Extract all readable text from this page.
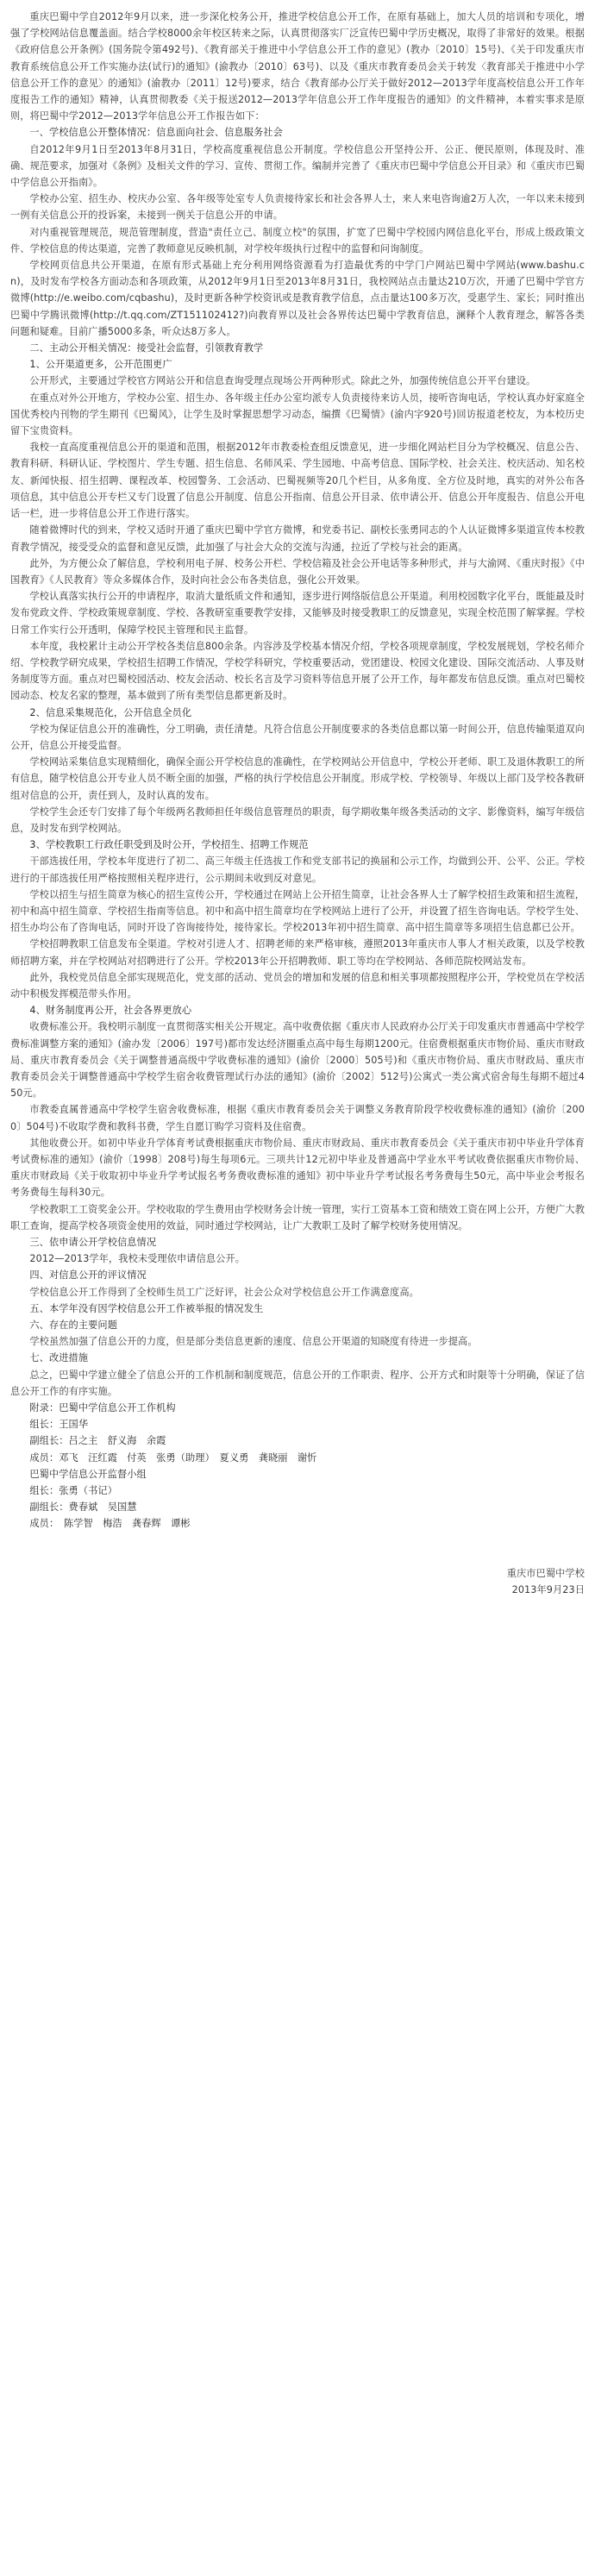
重庆巴蜀中学自2012年9月以来，进一步深化校务公开，推进学校信息公开工作，在原有基础上，加大人员的培训和专项化，增强了学校网站信息覆盖面。结合学校8000余年校区转来之际，认真贯彻落实厂泛宣传巴蜀中学历史概况，取得了非常好的效果。根据《政府信息公开条例》(国务院令第492号)、《教育部关于推进中小学信息公开工作的意见》(教办〔2010〕15号)、《关于印发重庆市教育系统信息公开工作实施办法(试行)的通知》(渝教办〔2010〕63号)、以及《重庆市教育委员会关于转发〈教育部关于推进中小学信息公开工作的意见〉的通知》(渝教办〔2011〕12号)要求，结合《教育部办公厅关于做好2012—2013学年度高校信息公开工作年度报告工作的通知》精神，认真贯彻教委《关于报送2012—2013学年信息公开工作年度报告的通知》的文件精神，本着实事求是原则，将巴蜀中学2012—2013学年信息公开工作报告如下：

一、学校信息公开整体情况：信息面向社会、信息服务社会

自2012年9月1日至2013年8月31日，学校高度重视信息公开制度。学校信息公开坚持公开、公正、便民原则，体现及时、准确、规范要求，加强对《条例》及相关文件的学习、宣传、贯彻工作。编制并完善了《重庆市巴蜀中学信息公开目录》和《重庆市巴蜀中学信息公开指南》。

学校办公室、招生办、校庆办公室、各年级等处室专人负责接待家长和社会各界人士，来人来电咨询逾2万人次，一年以来未接到一例有关信息公开的投诉案，未接到一例关于信息公开的申请。

对内重视管理规范，规范管理制度，营造"责任立己、制度立校"的氛围，扩宽了巴蜀中学校园内网信息化平台，形成上级政策文件、学校信息的传达渠道，完善了教师意见反映机制，对学校年级执行过程中的监督和问询制度。

学校网页信息共公开渠道，在原有形式基础上充分利用网络资源看为打造最优秀的中学门户网站巴蜀中学网站(www.bashu.cn)，及时发布学校各方面动态和各项政策，从2012年9月1日至2013年8月31日，我校网站点击量达210万次，开通了巴蜀中学官方微博(http://e.weibo.com/cqbashu)，及时更新各种学校资讯或是教育教学信息，点击量达100多万次，受惠学生、家长；同时推出巴蜀中学腾讯微博(http://t.qq.com/ZT151102412?)向教育界以及社会各界传达巴蜀中学教育信息，澜释个人教育理念，解答各类问题和疑难。目前广播5000多条，听众达8万多人。

二、主动公开相关情况：接受社会监督，引领教育教学

1、公开渠道更多，公开范围更广

公开形式，主要通过学校官方网站公开和信息查询受理点现场公开两种形式。除此之外，加强传统信息公开平台建设。

在重点对外公开地方，学校办公室、招生办、各年级主任办公室均派专人负责接待来访人员，接听咨询电话，学校认真办好家庭全国优秀校内刊物的学生期刊《巴蜀风》，让学生及时掌握思想学习动态，编撰《巴蜀情》(渝内字920号)回访报道老校友，为本校历史留下宝贵资料。

我校一直高度重视信息公开的渠道和范围，根据2012年市教委检查组反馈意见，进一步细化网站栏目分为学校概况、信息公告、教育科研、科研认证、学校图片、学生专题、招生信息、名师风采、学生园地、中高考信息、国际学校、社会关注、校庆活动、知名校友、新闻快报、招生招聘、课程改革、校园警务、工会活动、巴蜀视频等20几个栏目，从多角度、全方位及时地，真实的对外公布各项信息，其中信息公开专栏又专门设置了信息公开制度、信息公开指南、信息公开目录、依申请公开、信息公开年度报告、信息公开电话一栏，进一步将信息公开工作进行落实。

随着微博时代的到来，学校又适时开通了重庆巴蜀中学官方微博，和党委书记、副校长张勇同志的个人认证微博多渠道宣传本校教育教学情况，接受受众的监督和意见反馈，此加强了与社会大众的交流与沟通，拉近了学校与社会的距离。

此外，为方便公众了解信息，学校利用电子屏、校务公开栏、学校信箱及社会公开电话等多种形式，并与大渝网、《重庆时报》《中国教育》《人民教育》等众多媒体合作，及时向社会公布各类信息，强化公开效果。

学校认真落实执行公开的申请程序，取消大量纸质文件和通知，逐步进行网络版信息公开渠道。利用校园数字化平台，既能最及时发布党政文件、学校政策规章制度、学校、各教研室重要教学安排，又能够及时接受教职工的反馈意见，实现全校范围了解掌握。学校日常工作实行公开透明，保障学校民主管理和民主监督。

本年度，我校累计主动公开学校各类信息800余条。内容涉及学校基本情况介绍，学校各项规章制度，学校发展规划，学校名师介绍、学校教学研究成果，学校招生招聘工作情况，学校学科研究，学校重要活动，党团建设、校园文化建设、国际交流活动、人事及财务制度等方面。重点对巴蜀校园活动、校友会活动、校长名言及学习资料等信息开展了公开工作，每年都发布信息反馈。重点对巴蜀校园动态、校友名家的整理，基本做到了所有类型信息都更新及时。

2、信息采集规范化，公开信息全员化

学校为保证信息公开的准确性，分工明确，责任清楚。凡符合信息公开制度要求的各类信息都以第一时间公开，信息传输渠道双向公开，信息公开接受监督。

学校网站采集信息实现精细化，确保全面公开学校信息的准确性，在学校网站公开信息中，学校公开老师、职工及退休教职工的所有信息，随学校信息公开专业人员不断全面的加强，严格的执行学校信息公开制度。形成学校、学校领导、年级以上部门及学校各教研组对信息的公开，责任到人，及时认真的发布。

学校学生会还专门安排了每个年级两名教师担任年级信息管理员的职责，每学期收集年级各类活动的文字、影像资料，编写年级信息，及时发布到学校网站。

3、学校教职工行政任职受到及时公开，学校招生、招聘工作规范

干部选拔任用，学校本年度进行了初二、高三年级主任选拔工作和党支部书记的换届和公示工作，均做到公开、公平、公正。学校进行的干部选拔任用严格按照相关程序进行，公示期间未收到反对意见。

学校以招生与招生简章为核心的招生宣传公开，学校通过在网站上公开招生简章，让社会各界人士了解学校招生政策和招生流程，初中和高中招生简章、学校招生指南等信息。初中和高中招生简章均在学校网站上进行了公开，并设置了招生咨询电话。学校学生处、招生办均公布了咨询电话，同时开设了咨询接待处，接待家长。学校2013年初中招生简章、高中招生简章等多项招生信息都已公开。

学校招聘教职工信息发布全渠道。学校对引进人才、招聘老师的来严格审核，遵照2013年重庆市人事人才相关政策，以及学校教师招聘方案，并在学校网站对招聘进行了公开。学校2013年公开招聘教师、职工等均在学校网站、各师范院校网站发布。

此外，我校党员信息全部实现规范化，党支部的活动、党员会的增加和发展的信息和相关事项都按照程序公开，学校党员在学校活动中积极发挥模范带头作用。

4、财务制度再公开，社会各界更放心

收费标准公开。我校明示制度一直贯彻落实相关公开规定。高中收费依据《重庆市人民政府办公厅关于印发重庆市普通高中学校学费标准调整方案的通知》(渝办发〔2006〕197号)都市发达经济圈重点高中每生每期1200元。住宿费根据重庆市物价局、重庆市财政局、重庆市教育委员会《关于调整普通高级中学收费标准的通知》(渝价〔2000〕505号)和《重庆市物价局、重庆市财政局、重庆市教育委员会关于调整普通高中学校学生宿舍收费管理试行办法的通知》(渝价〔2002〕512号)公寓式一类公寓式宿舍每生每期不超过450元。

市教委直属普通高中学校学生宿舍收费标准，根据《重庆市教育委员会关于调整义务教育阶段学校收费标准的通知》(渝价〔2000〕504号)不收取学费和教科书费，学生自愿订购学习资料及住宿费。

其他收费公开。如初中毕业升学体育考试费根据重庆市物价局、重庆市财政局、重庆市教育委员会《关于重庆市初中毕业升学体育考试费标准的通知》(渝价〔1998〕208号)每生每项6元。三项共计12元初中毕业及普通高中学业水平考试收费依据重庆市物价局、重庆市财政局《关于收取初中毕业升学考试报名考务费收费标准的通知》初中毕业升学考试报名考务费每生50元，高中毕业会考报名考务费每生每科30元。

学校教职工工资奖金公开。学校收取的学生费用由学校财务会计统一管理，实行工资基本工资和绩效工资在网上公开，方便广大教职工查询，提高学校各项资金使用的效益，同时通过学校网站，让广大教职工及时了解学校财务使用情况。

三、依申请公开学校信息情况

2012—2013学年，我校未受理依申请信息公开。

四、对信息公开的评议情况

学校信息公开工作得到了全校师生员工广泛好评，社会公众对学校信息公开工作满意度高。

五、本学年没有因学校信息公开工作被举报的情况发生

六、存在的主要问题

学校虽然加强了信息公开的力度，但是部分类信息更新的速度、信息公开渠道的知晓度有待进一步提高。

七、改进措施

总之，巴蜀中学建立健全了信息公开的工作机制和制度规范，信息公开的工作职责、程序、公开方式和时限等十分明确，保证了信息公开工作的有序实施。

附录：巴蜀中学信息公开工作机构

组长：王国华

副组长：吕之主　舒义海　余霞

成员：邓飞　汪红霞　付英　张勇（助理）　夏义勇　龚晓丽　谢忻

巴蜀中学信息公开监督小组

组长：张勇（书记）

副组长：费春斌　吴国慧

成员：　陈学智　梅浩　龚春辉　谭彬

重庆市巴蜀中学校

2013年9月23日
